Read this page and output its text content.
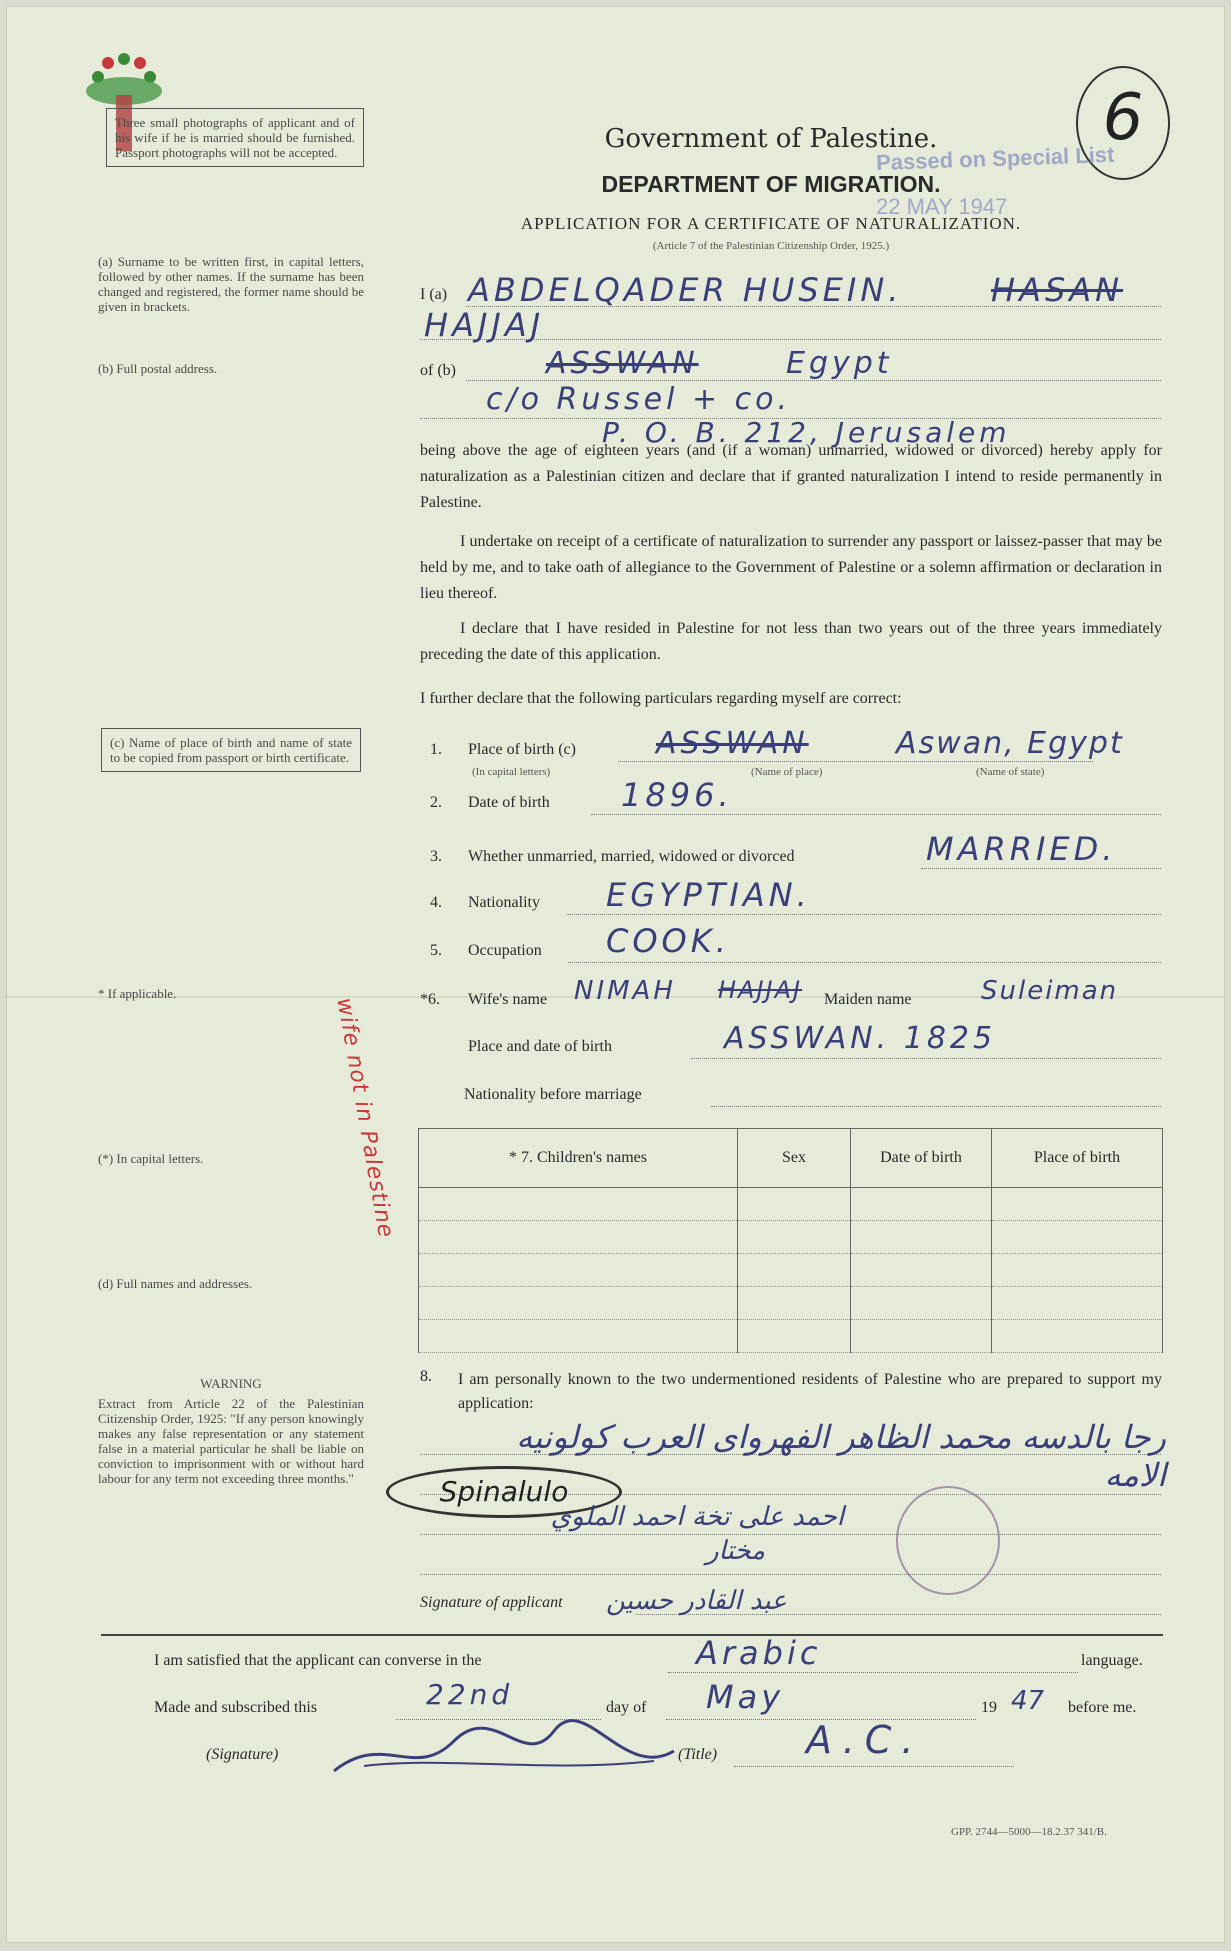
6
Passed on Special List
22 MAY 1947
Three small photographs of applicant and of his wife if he is married should be furnished. Passport photographs will not be accepted.
(a) Surname to be written first, in capital letters, followed by other names. If the surname has been changed and registered, the former name should be given in brackets.
(b) Full postal address.
(c) Name of place of birth and name of state to be copied from passport or birth certificate.
* If applicable.
(*) In capital letters.
(d) Full names and addresses.
WARNING
Extract from Article 22 of the Palestinian Citizenship Order, 1925: "If any person knowingly makes any false representation or any statement false in a material particular he shall be liable on conviction to imprisonment with or without hard labour for any term not exceeding three months."
wife not in Palestine
Government of Palestine.
DEPARTMENT OF MIGRATION.
APPLICATION FOR A CERTIFICATE OF NATURALIZATION.
(Article 7 of the Palestinian Citizenship Order, 1925.)
I (a) ABDELQADER HUSEIN.	HASAN
HAJJAJ
of (b)	ASSWAN	Egypt
c/o Russel + co.
P. O. B. 212, Jerusalem
being above the age of eighteen years (and (if a woman) unmarried, widowed or divorced) hereby apply for naturalization as a Palestinian citizen and declare that if granted naturalization I intend to reside permanently in Palestine.
I undertake on receipt of a certificate of naturalization to surrender any passport or laissez-passer that may be held by me, and to take oath of allegiance to the Government of Palestine or a solemn affirmation or declaration in lieu thereof.
I declare that I have resided in Palestine for not less than two years out of the three years immediately preceding the date of this application.
I further declare that the following particulars regarding myself are correct:
1. Place of birth (c)
(In capital letters)	(Name of place)	(Name of state)
ASSWAN	Aswan, Egypt
2. Date of birth 1896.
3. Whether unmarried, married, widowed or divorced	MARRIED.
4. Nationality EGYPTIAN.
5. Occupation COOK.
*6. Wife's name NIMAH HAJJAJ Maiden name	Suleiman
Place and date of birth	ASSWAN. 1825
Nationality before marriage
* 7. Children's names	Sex	Date of birth	Place of birth

8. I am personally known to the two undermentioned residents of Palestine who are prepared to support my application:
رجا بالدسه محمد الظاهر الفهرواى العرب كولونيه الامه
Spinalulo
احمد على تخة احمد الملوي
مختار
Signature of applicant عبد القادر حسين
I am satisfied that the applicant can converse in the	Arabic	language.
Made and subscribed this	22nd	day of May	19 47 before me.
(Signature)	(Title) A.C.
GPP. 2744—5000—18.2.37 341/B.
